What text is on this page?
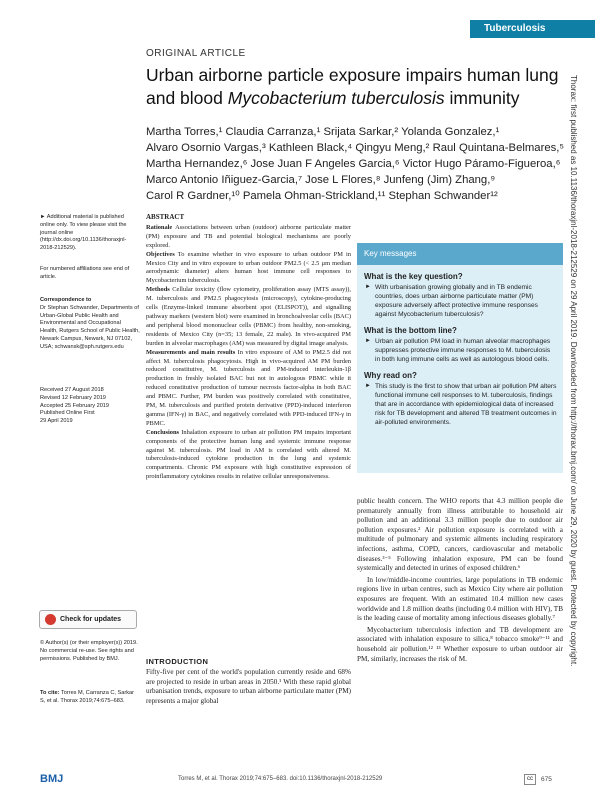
Tuberculosis
ORIGINAL ARTICLE
Urban airborne particle exposure impairs human lung
and blood Mycobacterium tuberculosis immunity
Martha Torres,¹ Claudia Carranza,¹ Srijata Sarkar,² Yolanda Gonzalez,¹
Alvaro Osornio Vargas,³ Kathleen Black,⁴ Qingyu Meng,² Raul Quintana-Belmares,⁵
Martha Hernandez,⁶ Jose Juan F Angeles Garcia,⁶ Victor Hugo Páramo-Figueroa,⁶
Marco Antonio Iñiguez-Garcia,⁷ Jose L Flores,⁸ Junfeng (Jim) Zhang,⁹
Carol R Gardner,¹⁰ Pamela Ohman-Strickland,¹¹ Stephan Schwander¹²
► Additional material is published online only. To view please visit the journal online (http://dx.doi.org/10.1136/thoraxjnl-2018-212529).
For numbered affiliations see end of article.
Correspondence to
Dr Stephan Schwander, Departments of Urban-Global Public Health and Environmental and Occupational Health, Rutgers School of Public Health, Newark Campus, Newark, NJ 07102, USA; schwansk@sph.rutgers.edu
Received 27 August 2018
Revised 12 February 2019
Accepted 25 February 2019
Published Online First
29 April 2019
Check for updates
© Author(s) (or their employer(s)) 2019. No commercial re-use. See rights and permissions. Published by BMJ.
To cite: Torres M, Carranza C, Sarkar S, et al. Thorax 2019;74:675–683.
ABSTRACT
Rationale Associations between urban (outdoor) airborne particulate matter (PM) exposure and TB and potential biological mechanisms are poorly explored.
Objectives To examine whether in vivo exposure to urban outdoor PM in Mexico City and in vitro exposure to urban outdoor PM2.5 (< 2.5 µm median aerodynamic diameter) alters human host immune cell responses to Mycobacterium tuberculosis.
Methods Cellular toxicity (flow cytometry, proliferation assay (MTS assay)), M. tuberculosis and PM2.5 phagocytosis (microscopy), cytokine-producing cells (Enzyme-linked immune absorbent spot (ELISPOT)), and signalling pathway markers (western blot) were examined in bronchoalveolar cells (BAC) and peripheral blood mononuclear cells (PBMC) from healthy, non-smoking, residents of Mexico City (n=35; 13 female, 22 male). In vivo-acquired PM burden in alveolar macrophages (AM) was measured by digital image analysis.
Measurements and main results In vitro exposure of AM to PM2.5 did not affect M. tuberculosis phagocytosis. High in vivo-acquired AM PM burden reduced constitutive, M. tuberculosis and PM-induced interleukin-1β production in freshly isolated BAC but not in autologous PBMC while it reduced constitutive production of tumour necrosis factor-alpha in both BAC and PBMC. Further, PM burden was positively correlated with constitutive, PM, M. tuberculosis and purified protein derivative (PPD)-induced interferon gamma (IFN-γ) in BAC, and negatively correlated with PPD-induced IFN-γ in PBMC.
Conclusions Inhalation exposure to urban air pollution PM impairs important components of the protective human lung and systemic immune response against M. tuberculosis. PM load in AM is correlated with altered M. tuberculosis-induced cytokine production in the lung and systemic compartments. Chronic PM exposure with high constitutive expression of proinflammatory cytokines results in relative cellular unresponsiveness.
Key messages
What is the key question?
► With urbanisation growing globally and in TB endemic countries, does urban airborne particulate matter (PM) exposure adversely affect protective immune responses against Mycobacterium tuberculosis?
What is the bottom line?
► Urban air pollution PM load in human alveolar macrophages suppresses protective immune responses to M. tuberculosis in both lung immune cells as well as autologous blood cells.
Why read on?
► This study is the first to show that urban air pollution PM alters functional immune cell responses to M. tuberculosis, findings that are in accordance with epidemiological data of increased risk for TB development and altered TB treatment outcomes in air-polluted environments.
INTRODUCTION
Fifty-five per cent of the world's population currently reside and 68% are projected to reside in urban areas in 2050.¹ With these rapid global urbanisation trends, exposure to urban airborne particulate matter (PM) represents a major global
public health concern. The WHO reports that 4.3 million people die prematurely annually from illness attributable to household air pollution and an additional 3.3 million people due to outdoor air pollution exposures.² Air pollution exposure is correlated with a multitude of pulmonary and systemic ailments including respiratory infections, asthma, COPD, cancers, cardiovascular and metabolic diseases.³⁻⁵ Following inhalation exposure, PM can be found systemically and detected in urines of exposed children.⁶
In low/middle-income countries, large populations in TB endemic regions live in urban centres, such as Mexico City where air pollution exposures are frequent. With an estimated 10.4 million new cases worldwide and 1.8 million deaths (including 0.4 million with HIV), TB is the leading cause of mortality among infectious diseases globally.⁷
Mycobacterium tuberculosis infection and TB development are associated with inhalation exposure to silica,⁸ tobacco smoke⁹⁻¹¹ and household air pollution.¹² ¹³ Whether exposure to urban outdoor air PM, similarly, increases the risk of M.	Thorax: first published as 10.1136/thoraxjnl-2018-212529 on 29 April 2019. Downloaded from http://thorax.bmj.com/ on June 29, 2020 by guest. Protected by copyright.
BMJ	Torres M, et al. Thorax 2019;74:675–683. doi:10.1136/thoraxjnl-2018-212529	cc	675
